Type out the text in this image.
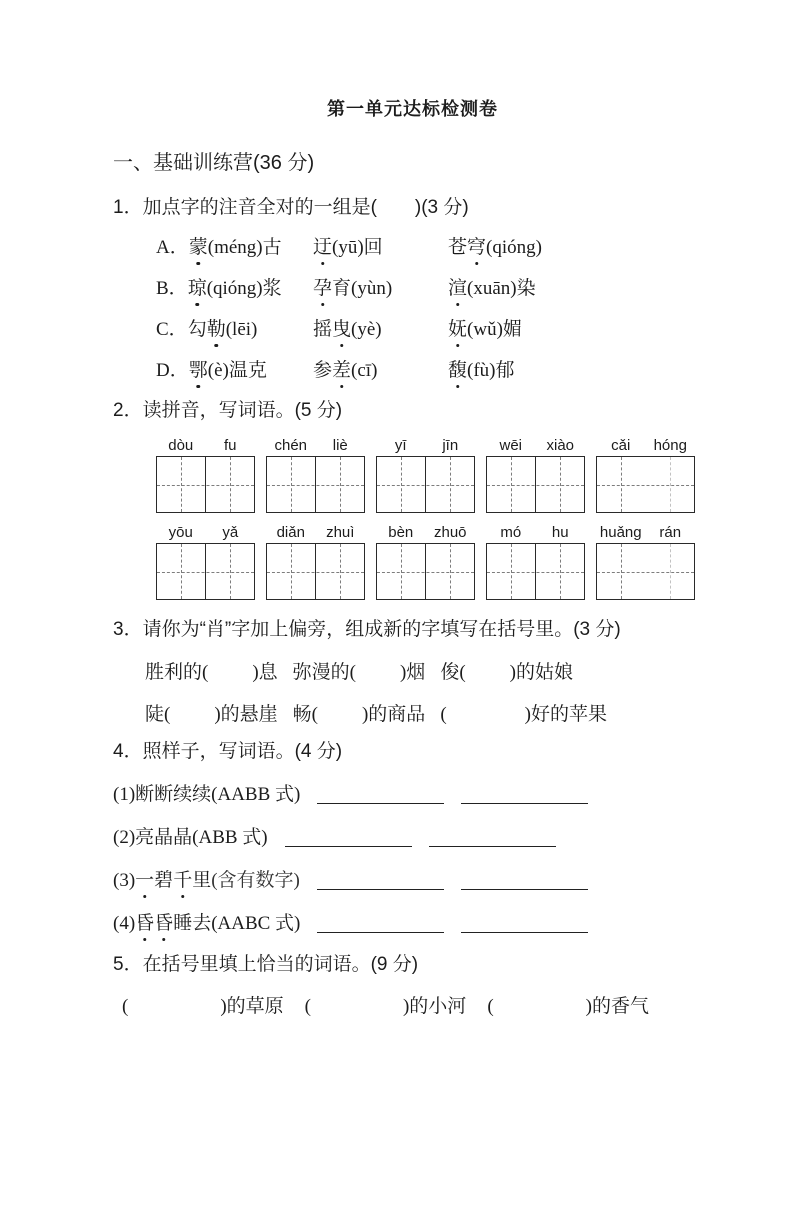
第一单元达标检测卷
一、基础训练营(36 分)
1．加点字的注音全对的一组是( )(3 分)
A．蒙(méng)古	迂(yū)回	苍穹(qióng)
B．琼(qióng)浆	孕育(yùn)	渲(xuān)染
C．勾勒(lēi)	摇曳(yè)	妩(wǔ)媚
D．鄂(è)温克	参差(cī)	馥(fù)郁
2．读拼音，写词语。(5 分)
dòu	fu	chén	liè	yī	jīn	wēi	xiào	cǎi	hóng
yōu	yǎ	diǎn	zhuì	bèn	zhuō	mó	hu	huǎng	rán
3．请你为“肖”字加上偏旁，组成新的字填写在括号里。(3 分)
胜利的( )息 弥漫的( )烟 俊( )的姑娘
陡( )的悬崖 畅( )的商品 (	)好的苹果
4．照样子，写词语。(4 分)
(1)断断续续(AABB 式)
(2)亮晶晶(ABB 式)
(3)一碧千里(含有数字)
(4)昏昏睡去(AABC 式)
5．在括号里填上恰当的词语。(9 分)
(	)的草原 (	)的小河 (	)的香气
